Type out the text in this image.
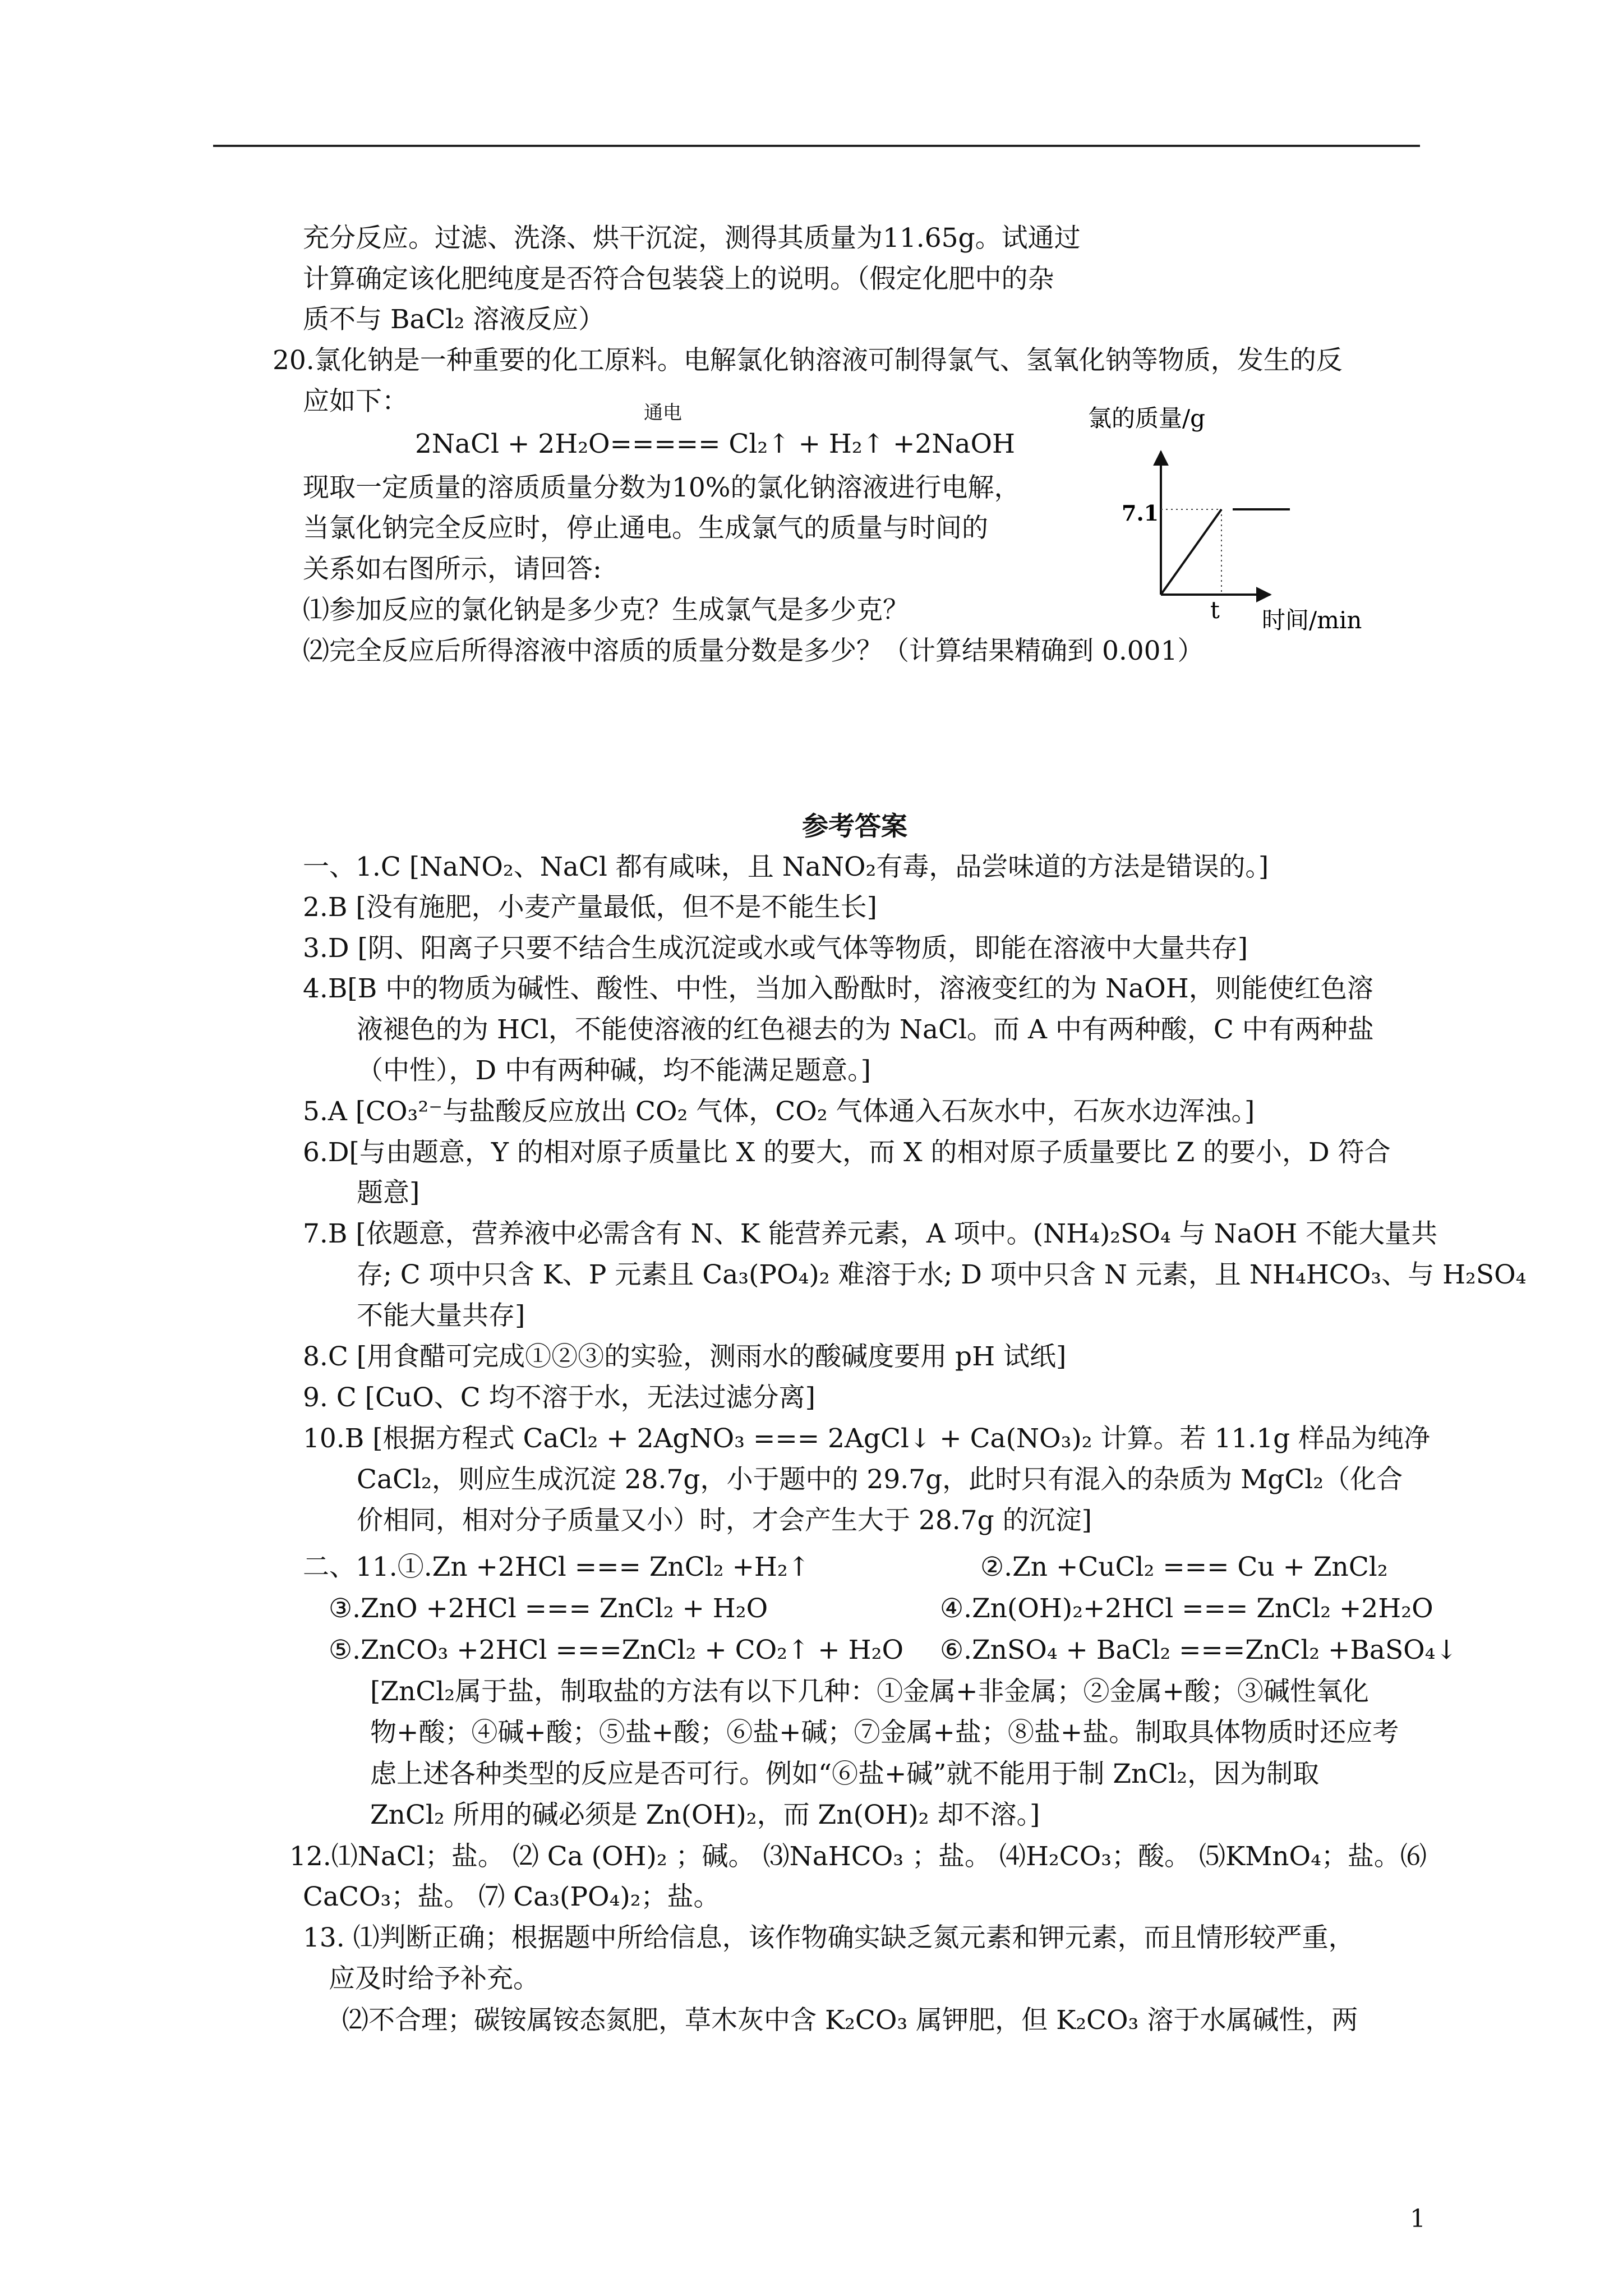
充分反应。过滤、洗涤、烘干沉淀，测得其质量为11.65g。试通过
计算确定该化肥纯度是否符合包装袋上的说明。（假定化肥中的杂
质不与 BaCl₂ 溶液反应）
20.氯化钠是一种重要的化工原料。电解氯化钠溶液可制得氯气、氢氧化钠等物质，发生的反
应如下：	通电
2NaCl + 2H₂O===== Cl₂↑ + H₂↑ +2NaOH
现取一定质量的溶质质量分数为10%的氯化钠溶液进行电解，
当氯化钠完全反应时，停止通电。生成氯气的质量与时间的
关系如右图所示，请回答:
⑴参加反应的氯化钠是多少克？生成氯气是多少克？
⑵完全反应后所得溶液中溶质的质量分数是多少？（计算结果精确到 0.001）
氯的质量/g
7.1
t 时间/min
参考答案
一、1.C [NaNO₂、NaCl 都有咸味，且 NaNO₂有毒，品尝味道的方法是错误的。]
2.B [没有施肥，小麦产量最低，但不是不能生长]
3.D [阴、阳离子只要不结合生成沉淀或水或气体等物质，即能在溶液中大量共存]
4.B[B 中的物质为碱性、酸性、中性，当加入酚酞时，溶液变红的为 NaOH，则能使红色溶
液褪色的为 HCl，不能使溶液的红色褪去的为 NaCl。而 A 中有两种酸，C 中有两种盐
（中性），D 中有两种碱，均不能满足题意。]
5.A [CO₃²⁻与盐酸反应放出 CO₂ 气体，CO₂ 气体通入石灰水中，石灰水边浑浊。]
6.D[与由题意，Y 的相对原子质量比 X 的要大，而 X 的相对原子质量要比 Z 的要小，D 符合
题意]
7.B [依题意，营养液中必需含有 N、K 能营养元素，A 项中。(NH₄)₂SO₄ 与 NaOH 不能大量共
存; C 项中只含 K、P 元素且 Ca₃(PO₄)₂ 难溶于水; D 项中只含 N 元素，且 NH₄HCO₃、与 H₂SO₄
不能大量共存]
8.C [用食醋可完成①②③的实验，测雨水的酸碱度要用 pH 试纸]
9. C [CuO、C 均不溶于水，无法过滤分离]
10.B [根据方程式 CaCl₂ + 2AgNO₃ === 2AgCl↓ + Ca(NO₃)₂ 计算。若 11.1g 样品为纯净
CaCl₂，则应生成沉淀 28.7g，小于题中的 29.7g，此时只有混入的杂质为 MgCl₂（化合
价相同，相对分子质量又小）时，才会产生大于 28.7g 的沉淀]
二、11.①.Zn +2HCl === ZnCl₂ +H₂↑	②.Zn +CuCl₂ === Cu + ZnCl₂
③.ZnO +2HCl === ZnCl₂ + H₂O	④.Zn(OH)₂+2HCl === ZnCl₂ +2H₂O
⑤.ZnCO₃ +2HCl ===ZnCl₂ + CO₂↑ + H₂O ⑥.ZnSO₄ + BaCl₂ ===ZnCl₂ +BaSO₄↓
[ZnCl₂属于盐，制取盐的方法有以下几种：①金属+非金属；②金属+酸；③碱性氧化
物+酸；④碱+酸；⑤盐+酸；⑥盐+碱；⑦金属+盐；⑧盐+盐。制取具体物质时还应考
虑上述各种类型的反应是否可行。例如“⑥盐+碱”就不能用于制 ZnCl₂，因为制取
ZnCl₂ 所用的碱必须是 Zn(OH)₂，而 Zn(OH)₂ 却不溶。]
12.⑴NaCl；盐。 ⑵ Ca (OH)₂ ；碱。 ⑶NaHCO₃ ；盐。 ⑷H₂CO₃；酸。 ⑸KMnO₄；盐。⑹
CaCO₃；盐。 ⑺ Ca₃(PO₄)₂；盐。
13. ⑴判断正确；根据题中所给信息，该作物确实缺乏氮元素和钾元素，而且情形较严重，
应及时给予补充。
⑵不合理；碳铵属铵态氮肥，草木灰中含 K₂CO₃ 属钾肥，但 K₂CO₃ 溶于水属碱性，两
1
